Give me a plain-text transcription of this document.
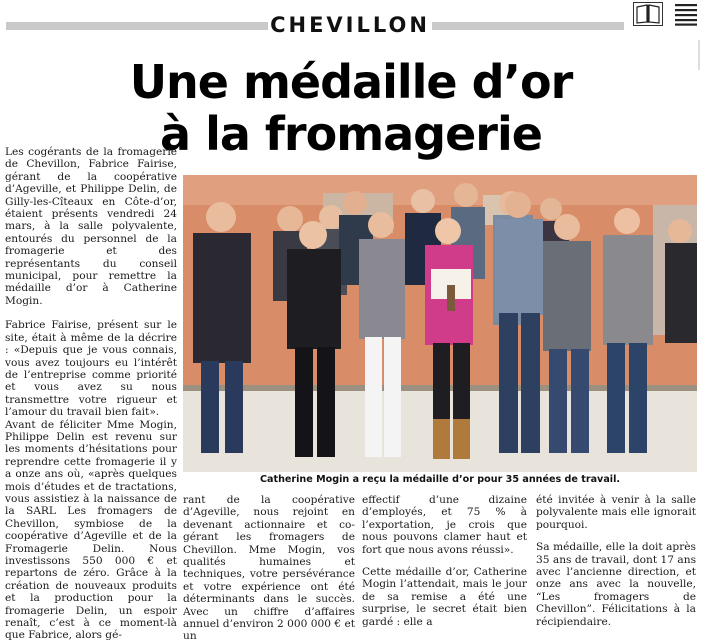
CHEVILLON
Une médaille d’or
à la fromagerie

Les cogérants de la fromagerie de Chevillon, Fabrice Fairise, gérant de la coopérative d’Ageville, et Philippe Delin, de Gilly-les-Cîteaux en Côte-d’or, étaient présents vendredi 24 mars, à la salle polyvalente, entourés du personnel de la fromagerie et des représentants du conseil municipal, pour remettre la médaille d’or à Catherine Mogin.

Fabrice Fairise, présent sur le site, était à même de la décrire : «Depuis que je vous connais, vous avez toujours eu l’intérêt de l’entreprise comme priorité et vous avez su nous transmettre votre rigueur et l’amour du travail bien fait».

Avant de féliciter Mme Mogin, Philippe Delin est revenu sur les moments d’hésitations pour reprendre cette fromagerie il y a onze ans où, «après quelques mois d’études et de tractations, vous assistiez à la naissance de la SARL Les fromagers de Chevillon, symbiose de la coopérative d’Ageville et de la Fromagerie Delin. Nous investissons 550 000 € et repartons de zéro. Grâce à la création de nouveaux produits et la production pour la fromagerie Delin, un espoir renaît, c’est à ce moment-là que Fabrice, alors gé-

Catherine Mogin a reçu la médaille d’or pour 35 années de travail.

rant de la coopérative d’Ageville, nous rejoint en devenant actionnaire et co-gérant les fromagers de Chevillon. Mme Mogin, vos qualités humaines et techniques, votre persévérance et votre expérience ont été déterminants dans le succès. Avec un chiffre d’affaires annuel d’environ 2 000 000 € et un

effectif d’une dizaine d’employés, et 75 % à l’exportation, je crois que nous pouvons clamer haut et fort que nous avons réussi».

Cette médaille d’or, Catherine Mogin l’attendait, mais le jour de sa remise a été une surprise, le secret était bien gardé : elle a

été invitée à venir à la salle polyvalente mais elle ignorait pourquoi.

Sa médaille, elle la doit après 35 ans de travail, dont 17 ans avec l’ancienne direction, et onze ans avec la nouvelle, “Les fromagers de Chevillon”. Félicitations à la récipiendaire.
